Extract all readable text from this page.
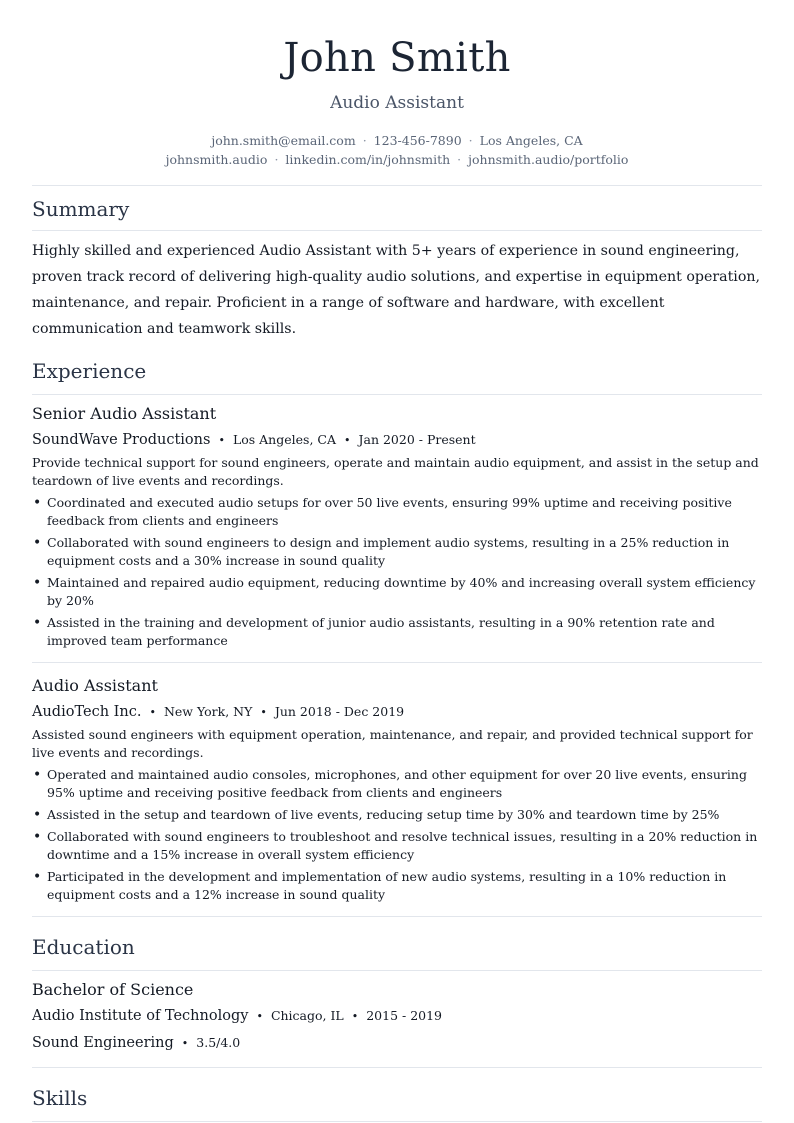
John Smith
Audio Assistant
john.smith@email.com · 123-456-7890 · Los Angeles, CA
johnsmith.audio · linkedin.com/in/johnsmith · johnsmith.audio/portfolio
Summary

Highly skilled and experienced Audio Assistant with 5+ years of experience in sound engineering, proven track record of delivering high-quality audio solutions, and expertise in equipment operation, maintenance, and repair. Proficient in a range of software and hardware, with excellent communication and teamwork skills.

Experience
Senior Audio Assistant
SoundWave Productions • Los Angeles, CA • Jan 2020 - Present

Provide technical support for sound engineers, operate and maintain audio equipment, and assist in the setup and teardown of live events and recordings.

• Coordinated and executed audio setups for over 50 live events, ensuring 99% uptime and receiving positive feedback from clients and engineers
• Collaborated with sound engineers to design and implement audio systems, resulting in a 25% reduction in equipment costs and a 30% increase in sound quality
• Maintained and repaired audio equipment, reducing downtime by 40% and increasing overall system efficiency by 20%
• Assisted in the training and development of junior audio assistants, resulting in a 90% retention rate and improved team performance
Audio Assistant
AudioTech Inc. • New York, NY • Jun 2018 - Dec 2019

Assisted sound engineers with equipment operation, maintenance, and repair, and provided technical support for live events and recordings.

• Operated and maintained audio consoles, microphones, and other equipment for over 20 live events, ensuring 95% uptime and receiving positive feedback from clients and engineers
• Assisted in the setup and teardown of live events, reducing setup time by 30% and teardown time by 25%
• Collaborated with sound engineers to troubleshoot and resolve technical issues, resulting in a 20% reduction in downtime and a 15% increase in overall system efficiency
• Participated in the development and implementation of new audio systems, resulting in a 10% reduction in equipment costs and a 12% increase in sound quality
Education
Bachelor of Science
Audio Institute of Technology • Chicago, IL • 2015 - 2019
Sound Engineering • 3.5/4.0
Skills
